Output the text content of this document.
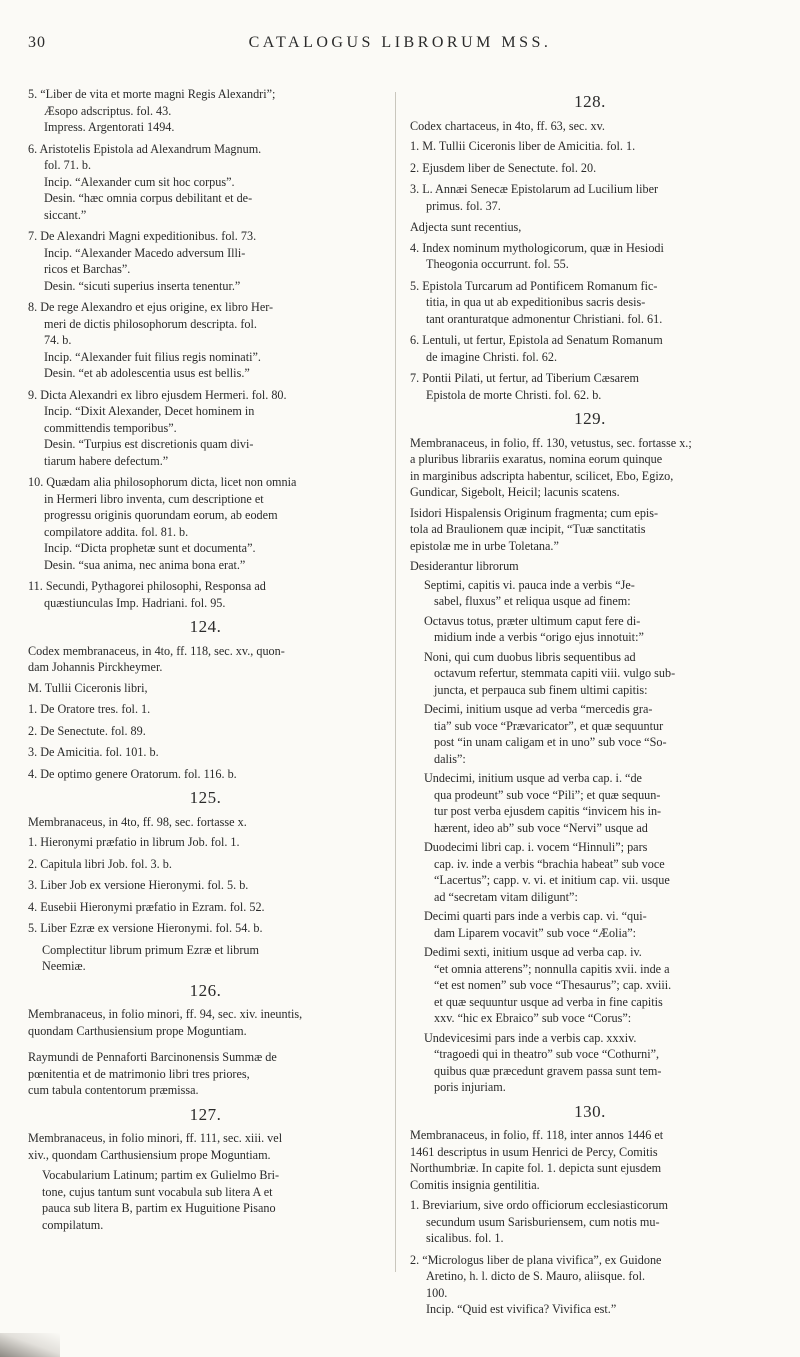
30	CATALOGUS LIBRORUM MSS.
5. “Liber de vita et morte magni Regis Alexandri”;
Æsopo adscriptus. fol. 43.
Impress. Argentorati 1494.
6. Aristotelis Epistola ad Alexandrum Magnum.
fol. 71. b.
Incip. “Alexander cum sit hoc corpus”.
Desin. “hæc omnia corpus debilitant et de-
siccant.”
7. De Alexandri Magni expeditionibus. fol. 73.
Incip. “Alexander Macedo adversum Illi-
ricos et Barchas”.
Desin. “sicuti superius inserta tenentur.”
8. De rege Alexandro et ejus origine, ex libro Her-
meri de dictis philosophorum descripta. fol.
74. b.
Incip. “Alexander fuit filius regis nominati”.
Desin. “et ab adolescentia usus est bellis.”
9. Dicta Alexandri ex libro ejusdem Hermeri. fol. 80.
Incip. “Dixit Alexander, Decet hominem in
committendis temporibus”.
Desin. “Turpius est discretionis quam divi-
tiarum habere defectum.”
10. Quædam alia philosophorum dicta, licet non omnia
in Hermeri libro inventa, cum descriptione et
progressu originis quorundam eorum, ab eodem
compilatore addita. fol. 81. b.
Incip. “Dicta prophetæ sunt et documenta”.
Desin. “sua anima, nec anima bona erat.”
11. Secundi, Pythagorei philosophi, Responsa ad
quæstiunculas Imp. Hadriani. fol. 95.
124.
Codex membranaceus, in 4to, ff. 118, sec. xv., quon-
dam Johannis Pirckheymer.
M. Tullii Ciceronis libri,
1. De Oratore tres. fol. 1.
2. De Senectute. fol. 89.
3. De Amicitia. fol. 101. b.
4. De optimo genere Oratorum. fol. 116. b.
125.
Membranaceus, in 4to, ff. 98, sec. fortasse x.
1. Hieronymi præfatio in librum Job. fol. 1.
2. Capitula libri Job. fol. 3. b.
3. Liber Job ex versione Hieronymi. fol. 5. b.
4. Eusebii Hieronymi præfatio in Ezram. fol. 52.
5. Liber Ezræ ex versione Hieronymi. fol. 54. b.
Complectitur librum primum Ezræ et librum
Neemiæ.
126.
Membranaceus, in folio minori, ff. 94, sec. xiv. ineuntis,
quondam Carthusiensium prope Moguntiam.
Raymundi de Pennaforti Barcinonensis Summæ de
pœnitentia et de matrimonio libri tres priores,
cum tabula contentorum præmissa.
127.
Membranaceus, in folio minori, ff. 111, sec. xiii. vel
xiv., quondam Carthusiensium prope Moguntiam.
Vocabularium Latinum; partim ex Gulielmo Bri-
tone, cujus tantum sunt vocabula sub litera A et
pauca sub litera B, partim ex Huguitione Pisano
compilatum.
128.
Codex chartaceus, in 4to, ff. 63, sec. xv.
1. M. Tullii Ciceronis liber de Amicitia. fol. 1.
2. Ejusdem liber de Senectute. fol. 20.
3. L. Annæi Senecæ Epistolarum ad Lucilium liber
primus. fol. 37.
Adjecta sunt recentius,
4. Index nominum mythologicorum, quæ in Hesiodi
Theogonia occurrunt. fol. 55.
5. Epistola Turcarum ad Pontificem Romanum fic-
titia, in qua ut ab expeditionibus sacris desis-
tant oranturatque admonentur Christiani. fol. 61.
6. Lentuli, ut fertur, Epistola ad Senatum Romanum
de imagine Christi. fol. 62.
7. Pontii Pilati, ut fertur, ad Tiberium Cæsarem
Epistola de morte Christi. fol. 62. b.
129.
Membranaceus, in folio, ff. 130, vetustus, sec. fortasse x.;
a pluribus librariis exaratus, nomina eorum quinque
in marginibus adscripta habentur, scilicet, Ebo, Egizo,
Gundicar, Sigebolt, Heicil; lacunis scatens.
Isidori Hispalensis Originum fragmenta; cum epis-
tola ad Braulionem quæ incipit, “Tuæ sanctitatis
epistolæ me in urbe Toletana.”
Desiderantur librorum
Septimi, capitis vi. pauca inde a verbis “Je-
sabel, fluxus” et reliqua usque ad finem:
Octavus totus, præter ultimum caput fere di-
midium inde a verbis “origo ejus innotuit:”
Noni, qui cum duobus libris sequentibus ad
octavum refertur, stemmata capiti viii. vulgo sub-
juncta, et perpauca sub finem ultimi capitis:
Decimi, initium usque ad verba “mercedis gra-
tia” sub voce “Prævaricator”, et quæ sequuntur
post “in unam caligam et in uno” sub voce “So-
dalis”:
Undecimi, initium usque ad verba cap. i. “de
qua prodeunt” sub voce “Pili”; et quæ sequun-
tur post verba ejusdem capitis “invicem his in-
hærent, ideo ab” sub voce “Nervi” usque ad
Duodecimi libri cap. i. vocem “Hinnuli”; pars
cap. iv. inde a verbis “brachia habeat” sub voce
“Lacertus”; capp. v. vi. et initium cap. vii. usque
ad “secretam vitam diligunt”:
Decimi quarti pars inde a verbis cap. vi. “qui-
dam Liparem vocavit” sub voce “Æolia”:
Dedimi sexti, initium usque ad verba cap. iv.
“et omnia atterens”; nonnulla capitis xvii. inde a
“et est nomen” sub voce “Thesaurus”; cap. xviii.
et quæ sequuntur usque ad verba in fine capitis
xxv. “hic ex Ebraico” sub voce “Corus”:
Undevicesimi pars inde a verbis cap. xxxiv.
“tragoedi qui in theatro” sub voce “Cothurni”,
quibus quæ præcedunt gravem passa sunt tem-
poris injuriam.
130.
Membranaceus, in folio, ff. 118, inter annos 1446 et
1461 descriptus in usum Henrici de Percy, Comitis
Northumbriæ. In capite fol. 1. depicta sunt ejusdem
Comitis insignia gentilitia.
1. Breviarium, sive ordo officiorum ecclesiasticorum
secundum usum Sarisburiensem, cum notis mu-
sicalibus. fol. 1.
2. “Micrologus liber de plana vivifica”, ex Guidone
Aretino, h. l. dicto de S. Mauro, aliisque. fol.
100.
Incip. “Quid est vivifica? Vivifica est.”
